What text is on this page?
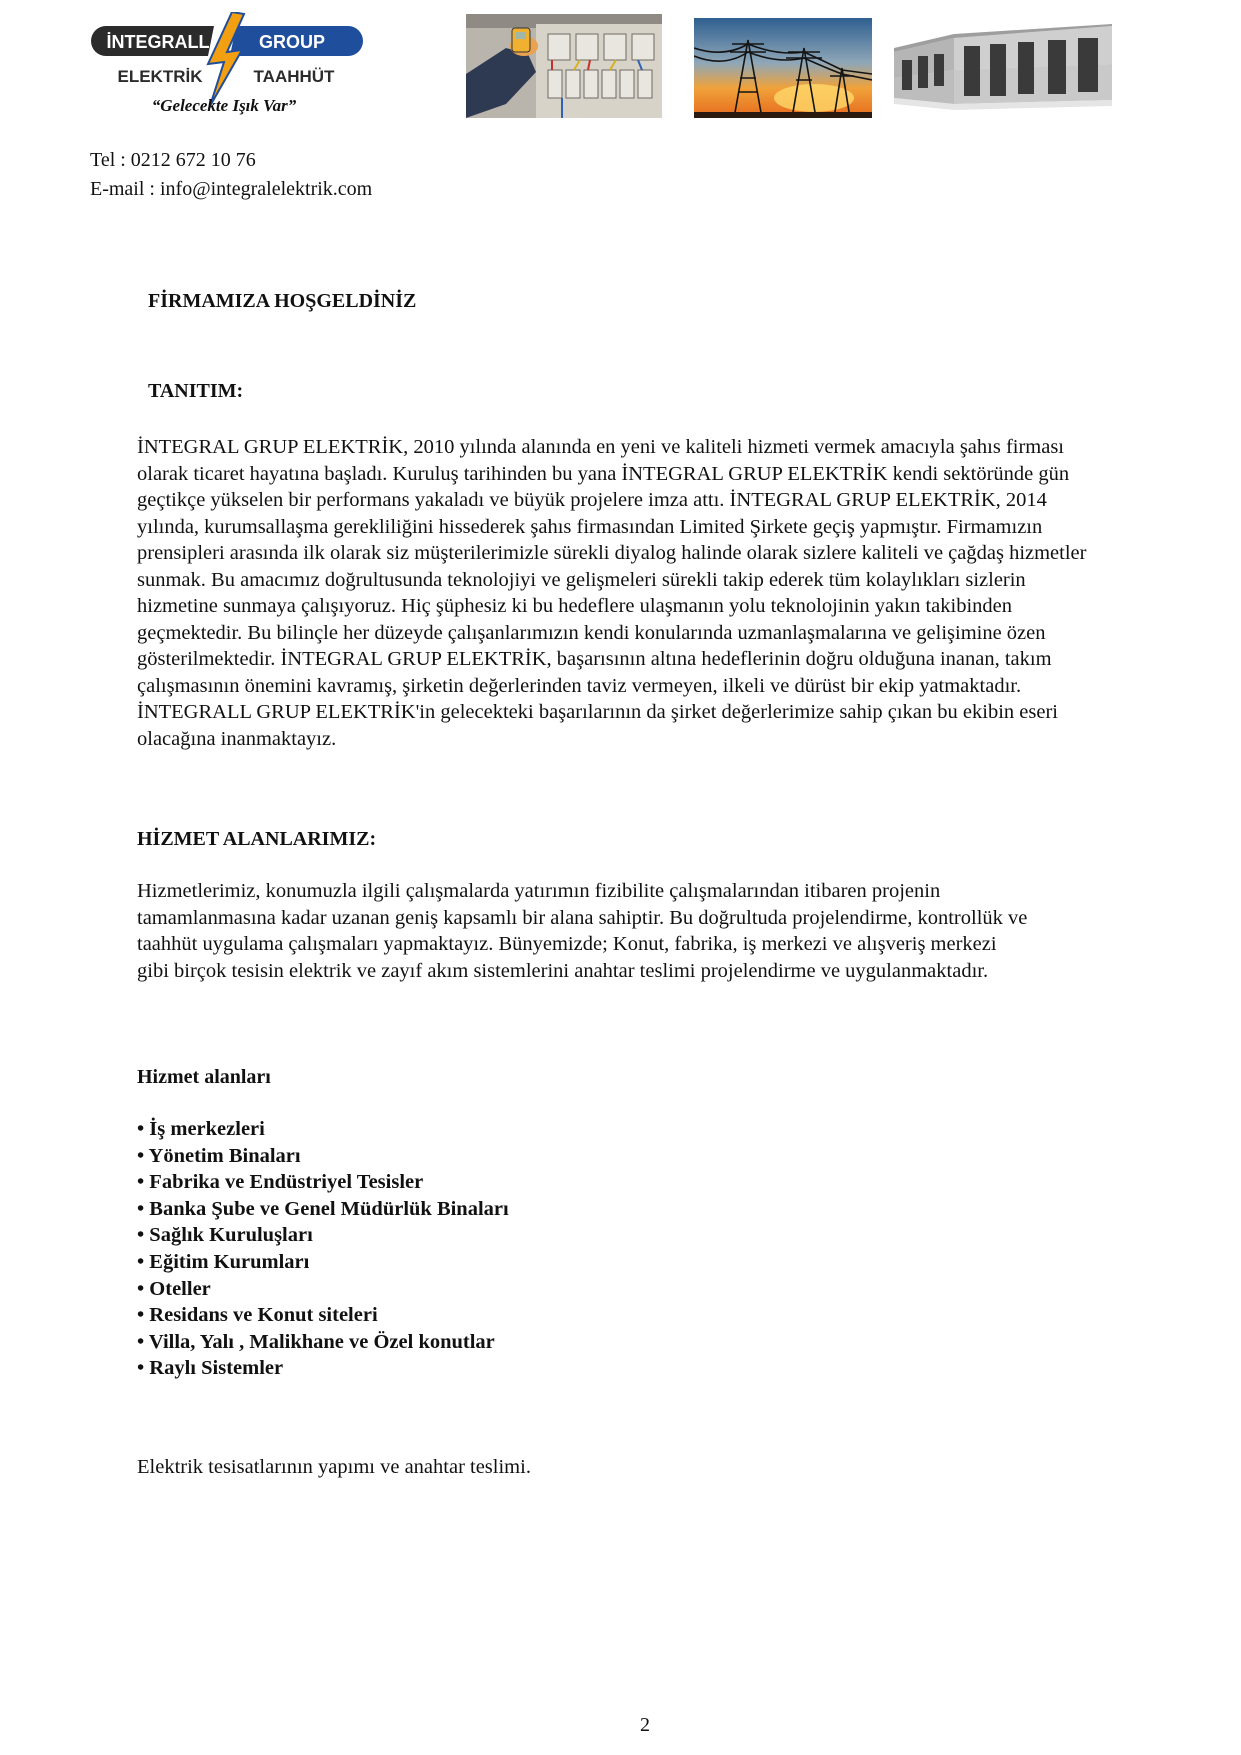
İNTEGRALL	GROUP
ELEKTRİK	TAAHHÜT
“Gelecekte Işık Var”
Tel : 0212 672 10 76
E-mail : info@integralelektrik.com
FİRMAMIZA HOŞGELDİNİZ
TANITIM:
İNTEGRAL GRUP ELEKTRİK, 2010 yılında alanında en yeni ve kaliteli hizmeti vermek amacıyla şahıs firması
olarak ticaret hayatına başladı. Kuruluş tarihinden bu yana İNTEGRAL GRUP ELEKTRİK kendi sektöründe gün
geçtikçe yükselen bir performans yakaladı ve büyük projelere imza attı. İNTEGRAL GRUP ELEKTRİK, 2014
yılında, kurumsallaşma gerekliliğini hissederek şahıs firmasından Limited Şirkete geçiş yapmıştır. Firmamızın
prensipleri arasında ilk olarak siz müşterilerimizle sürekli diyalog halinde olarak sizlere kaliteli ve çağdaş hizmetler
sunmak. Bu amacımız doğrultusunda teknolojiyi ve gelişmeleri sürekli takip ederek tüm kolaylıkları sizlerin
hizmetine sunmaya çalışıyoruz. Hiç şüphesiz ki bu hedeflere ulaşmanın yolu teknolojinin yakın takibinden
geçmektedir. Bu bilinçle her düzeyde çalışanlarımızın kendi konularında uzmanlaşmalarına ve gelişimine özen
gösterilmektedir. İNTEGRAL GRUP ELEKTRİK, başarısının altına hedeflerinin doğru olduğuna inanan, takım
çalışmasının önemini kavramış, şirketin değerlerinden taviz vermeyen, ilkeli ve dürüst bir ekip yatmaktadır.
İNTEGRALL GRUP ELEKTRİK'in gelecekteki başarılarının da şirket değerlerimize sahip çıkan bu ekibin eseri
olacağına inanmaktayız.
HİZMET ALANLARIMIZ:
Hizmetlerimiz, konumuzla ilgili çalışmalarda yatırımın fizibilite çalışmalarından itibaren projenin
tamamlanmasına kadar uzanan geniş kapsamlı bir alana sahiptir. Bu doğrultuda projelendirme, kontrollük ve
taahhüt uygulama çalışmaları yapmaktayız. Bünyemizde; Konut, fabrika, iş merkezi ve alışveriş merkezi
gibi birçok tesisin elektrik ve zayıf akım sistemlerini anahtar teslimi projelendirme ve uygulanmaktadır.
Hizmet alanları
• İş merkezleri
• Yönetim Binaları
• Fabrika ve Endüstriyel Tesisler
• Banka Şube ve Genel Müdürlük Binaları
• Sağlık Kuruluşları
• Eğitim Kurumları
• Oteller
• Residans ve Konut siteleri
• Villa, Yalı , Malikhane ve Özel konutlar
• Raylı Sistemler

Elektrik tesisatlarının yapımı ve anahtar teslimi.

2
